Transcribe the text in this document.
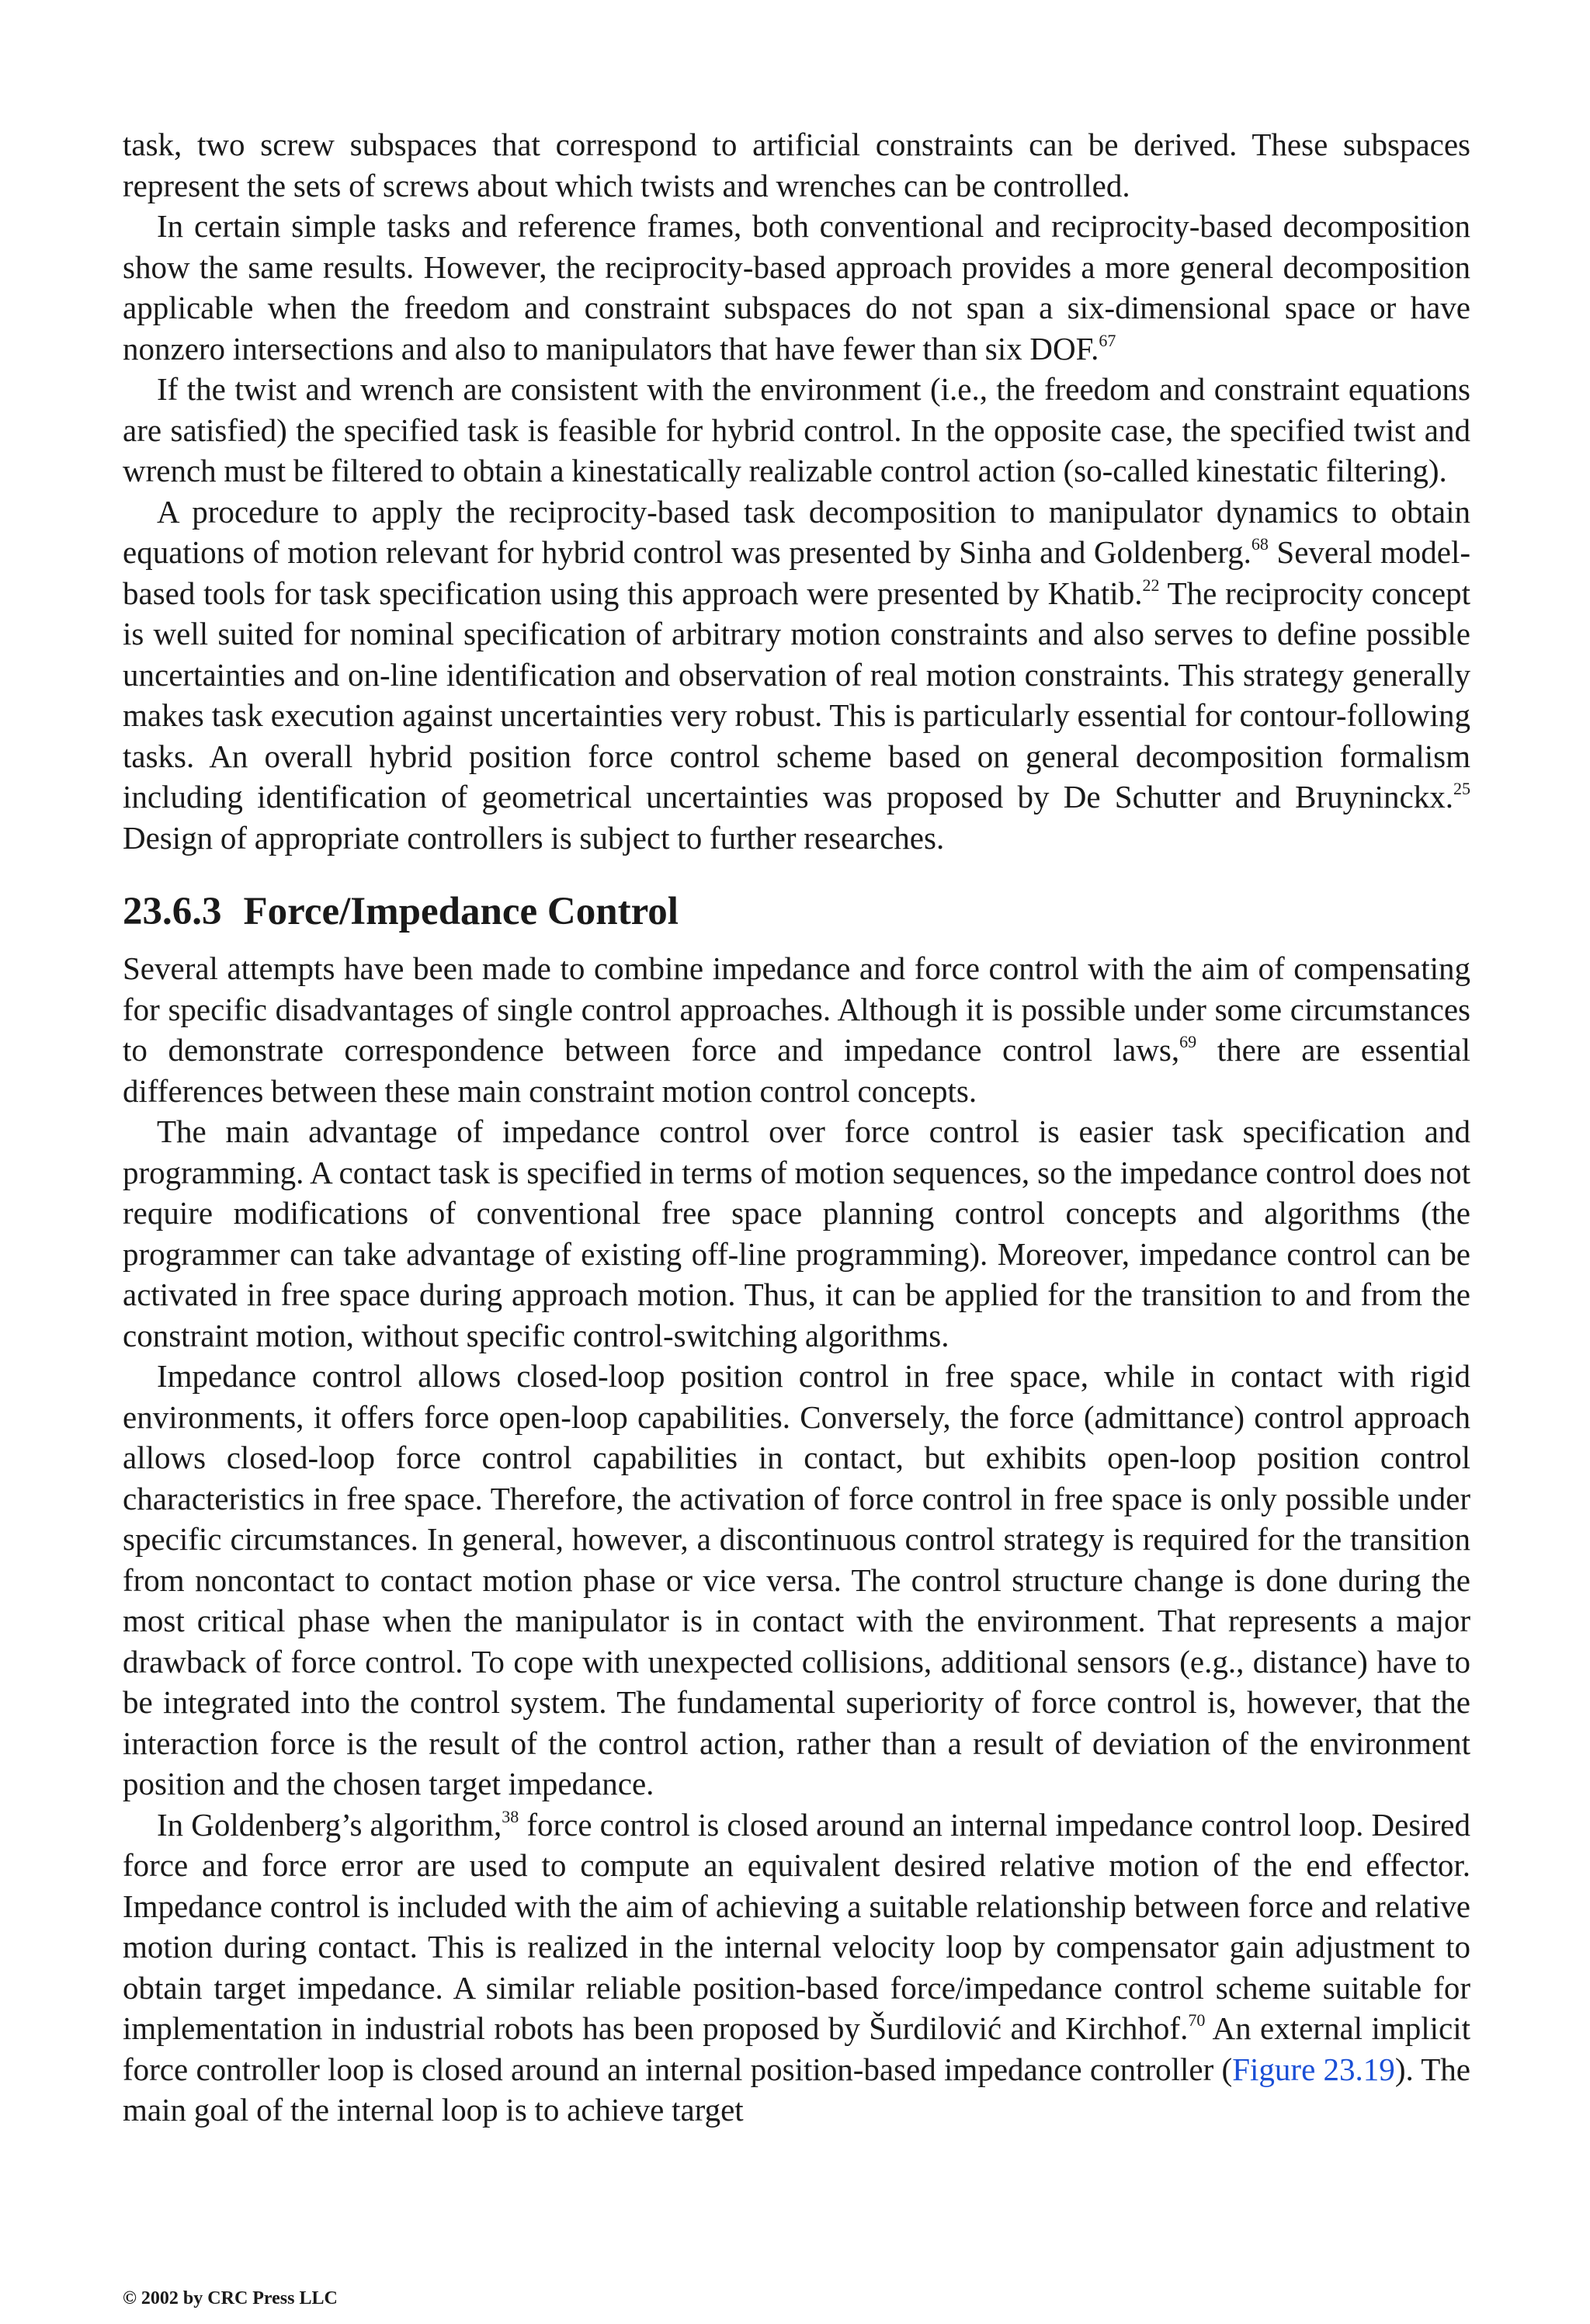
task, two screw subspaces that correspond to artificial constraints can be derived. These subspaces represent the sets of screws about which twists and wrenches can be controlled.

In certain simple tasks and reference frames, both conventional and reciprocity-based decomposition show the same results. However, the reciprocity-based approach provides a more general decomposition applicable when the freedom and constraint subspaces do not span a six-dimensional space or have nonzero intersections and also to manipulators that have fewer than six DOF.$^{67}$

If the twist and wrench are consistent with the environment (i.e., the freedom and constraint equations are satisfied) the specified task is feasible for hybrid control. In the opposite case, the specified twist and wrench must be filtered to obtain a kinestatically realizable control action (so-called kinestatic filtering).

A procedure to apply the reciprocity-based task decomposition to manipulator dynamics to obtain equations of motion relevant for hybrid control was presented by Sinha and Goldenberg.$^{68}$ Several model-based tools for task specification using this approach were presented by Khatib.$^{22}$ The reciprocity concept is well suited for nominal specification of arbitrary motion constraints and also serves to define possible uncertainties and on-line identification and observation of real motion constraints. This strategy generally makes task execution against uncertainties very robust. This is particularly essential for contour-following tasks. An overall hybrid position force control scheme based on general decomposition formalism including identification of geometrical uncertainties was proposed by De Schutter and Bruyninckx.$^{25}$ Design of appropriate controllers is subject to further researches.

23.6.3 Force/Impedance Control

Several attempts have been made to combine impedance and force control with the aim of compensating for specific disadvantages of single control approaches. Although it is possible under some circumstances to demonstrate correspondence between force and impedance control laws,$^{69}$ there are essential differences between these main constraint motion control concepts.

The main advantage of impedance control over force control is easier task specification and programming. A contact task is specified in terms of motion sequences, so the impedance control does not require modifications of conventional free space planning control concepts and algorithms (the programmer can take advantage of existing off-line programming). Moreover, impedance control can be activated in free space during approach motion. Thus, it can be applied for the transition to and from the constraint motion, without specific control-switching algorithms.

Impedance control allows closed-loop position control in free space, while in contact with rigid environments, it offers force open-loop capabilities. Conversely, the force (admittance) control approach allows closed-loop force control capabilities in contact, but exhibits open-loop position control characteristics in free space. Therefore, the activation of force control in free space is only possible under specific circumstances. In general, however, a discontinuous control strategy is required for the transition from noncontact to contact motion phase or vice versa. The control structure change is done during the most critical phase when the manipulator is in contact with the environment. That represents a major drawback of force control. To cope with unexpected collisions, additional sensors (e.g., distance) have to be integrated into the control system. The fundamental superiority of force control is, however, that the interaction force is the result of the control action, rather than a result of deviation of the environment position and the chosen target impedance.

In Goldenberg’s algorithm,$^{38}$ force control is closed around an internal impedance control loop. Desired force and force error are used to compute an equivalent desired relative motion of the end effector. Impedance control is included with the aim of achieving a suitable relationship between force and relative motion during contact. This is realized in the internal velocity loop by compensator gain adjustment to obtain target impedance. A similar reliable position-based force/impedance control scheme suitable for implementation in industrial robots has been proposed by Šurdilović and Kirchhof.$^{70}$ An external implicit force controller loop is closed around an internal position-based impedance controller (Figure 23.19). The main goal of the internal loop is to achieve target

© 2002 by CRC Press LLC
